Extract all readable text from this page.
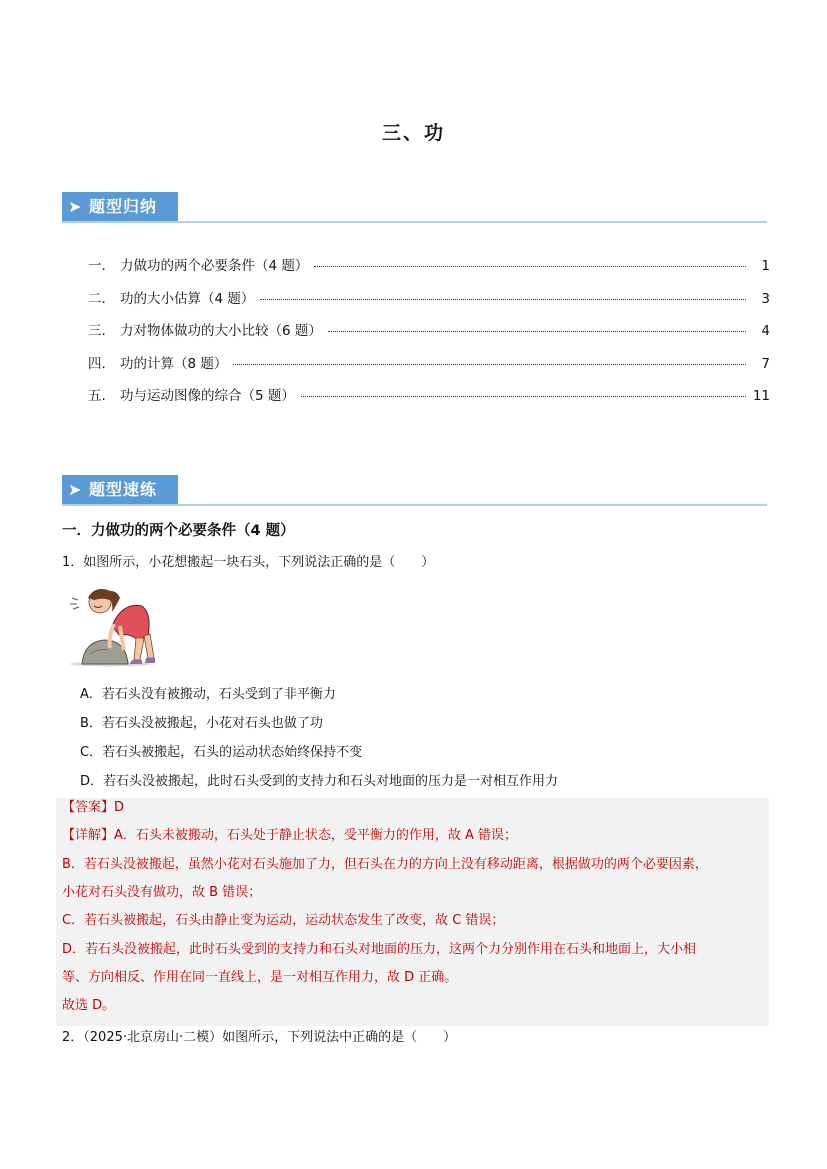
三、功
➤ 题型归纳
一.	力做功的两个必要条件（4 题）	1
二.	功的大小估算（4 题）	3
三.	力对物体做功的大小比较（6 题）	4
四.	功的计算（8 题）	7
五.	功与运动图像的综合（5 题）	11
➤ 题型速练
一．力做功的两个必要条件（4 题）
1．如图所示，小花想搬起一块石头，下列说法正确的是（　　）
A．若石头没有被搬动，石头受到了非平衡力
B．若石头没被搬起，小花对石头也做了功
C．若石头被搬起，石头的运动状态始终保持不变
D．若石头没被搬起，此时石头受到的支持力和石头对地面的压力是一对相互作用力
【答案】D
【详解】A．石头未被搬动，石头处于静止状态，受平衡力的作用，故 A 错误；
B．若石头没被搬起，虽然小花对石头施加了力，但石头在力的方向上没有移动距离，根据做功的两个必要因素，
小花对石头没有做功，故 B 错误；
C．若石头被搬起，石头由静止变为运动，运动状态发生了改变，故 C 错误；
D．若石头没被搬起，此时石头受到的支持力和石头对地面的压力，这两个力分别作用在石头和地面上，大小相
等、方向相反、作用在同一直线上，是一对相互作用力，故 D 正确。
故选 D。
2．（2025·北京房山·二模）如图所示，下列说法中正确的是（　　）
